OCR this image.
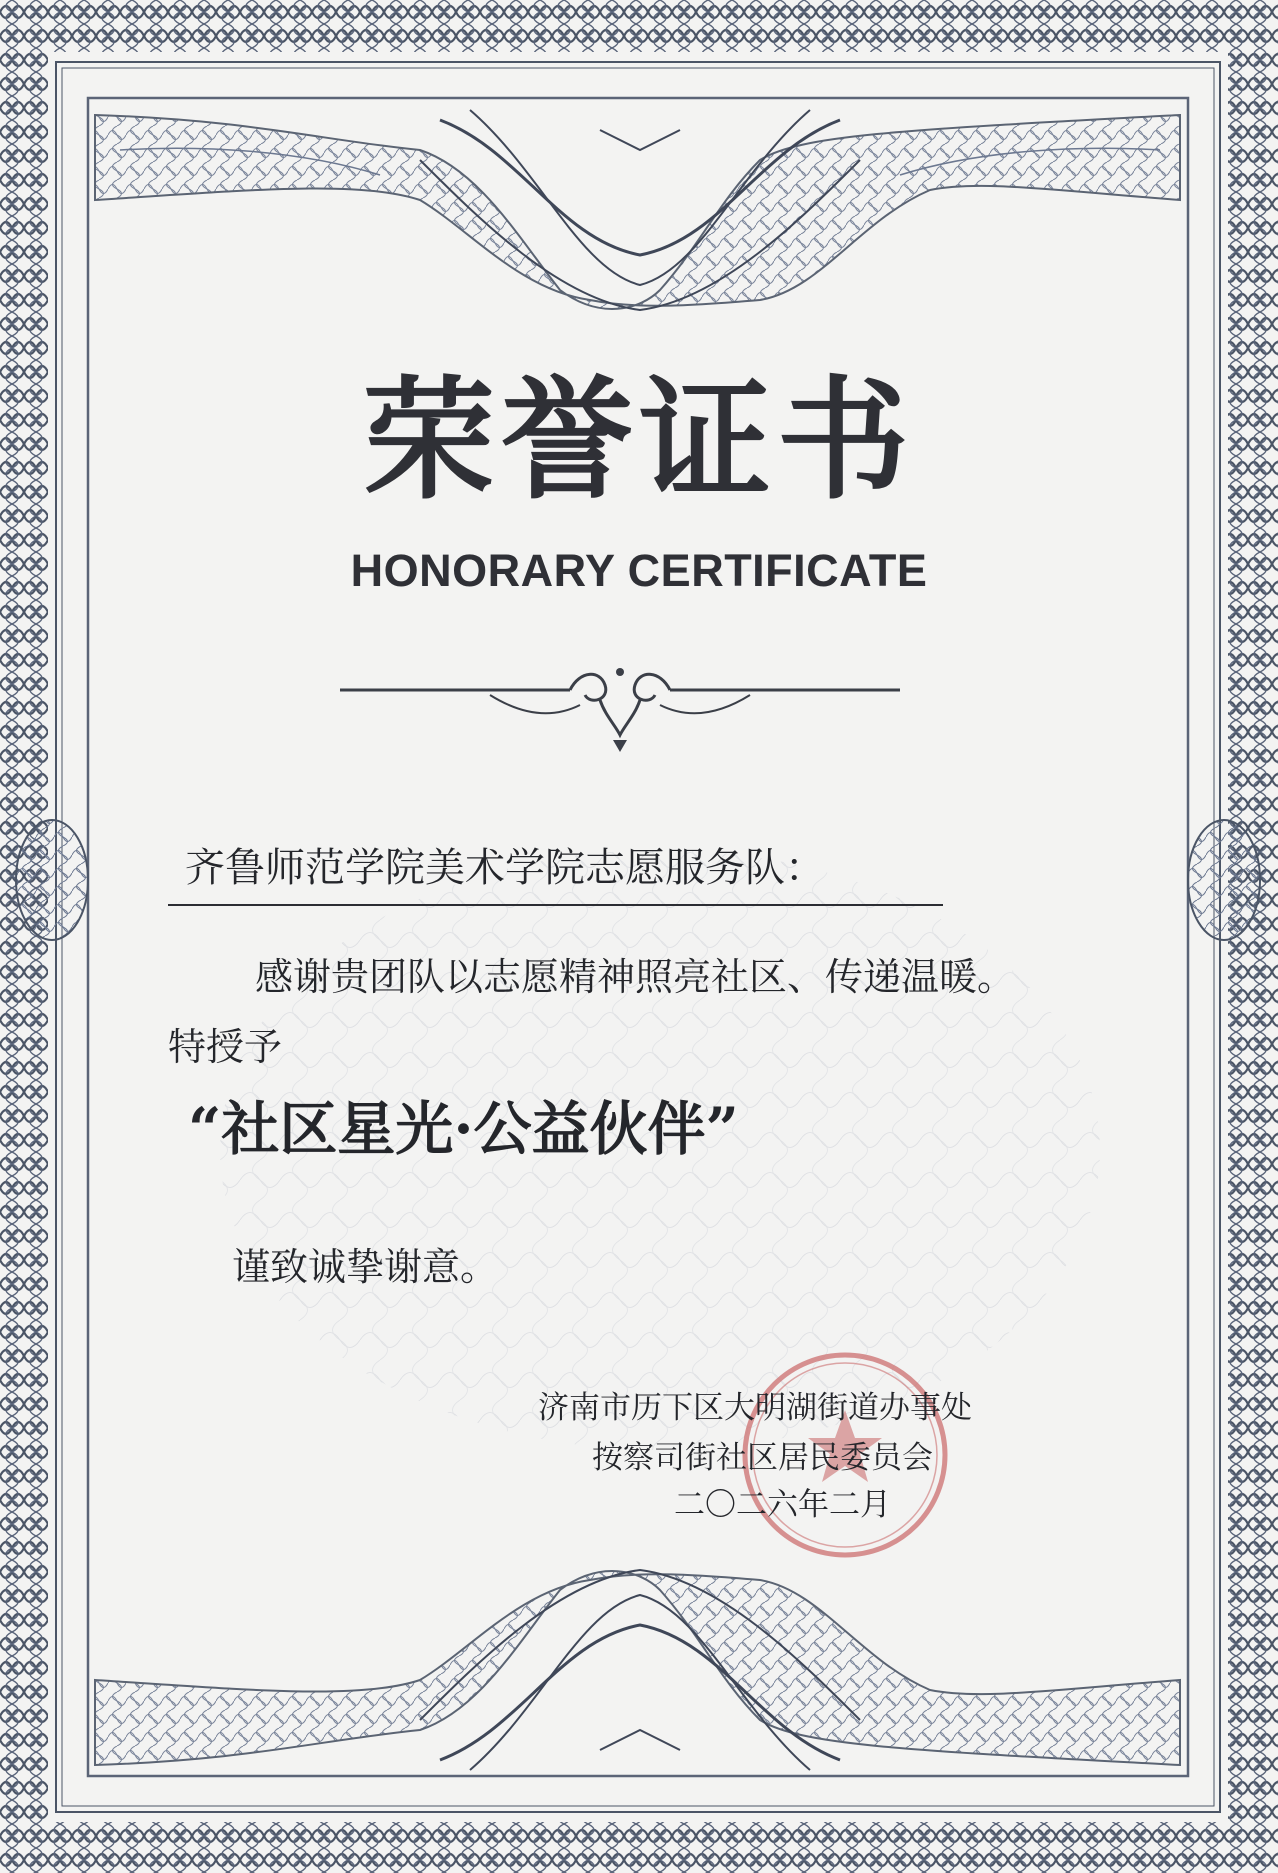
荣誉证书
HONORARY CERTIFICATE
齐鲁师范学院美术学院志愿服务队：
感谢贵团队以志愿精神照亮社区、传递温暖。
特授予
“社区星光·公益伙伴”
谨致诚挚谢意。
济南市历下区大明湖街道办事处
按察司街社区居民委员会
二〇二六年二月
